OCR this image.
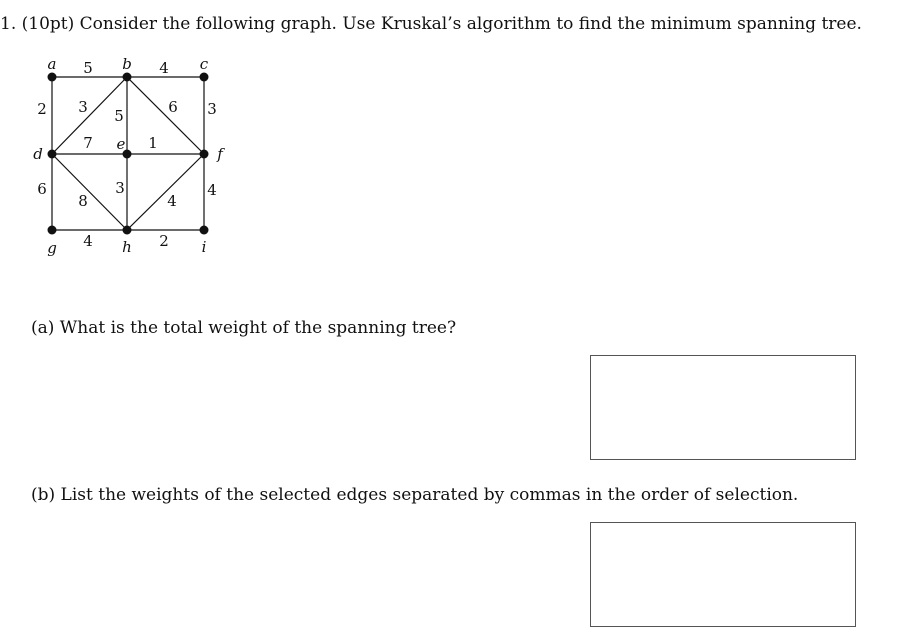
1. (10pt) Consider the following graph. Use Kruskal’s algorithm to find the minimum spanning tree.
5	4
2 3 5	6 3
7	1
6
8
3
4
4
4	2
a	b	c
d
e
f
g	h	i
(a) What is the total weight of the spanning tree?
(b) List the weights of the selected edges separated by commas in the order of selection.
